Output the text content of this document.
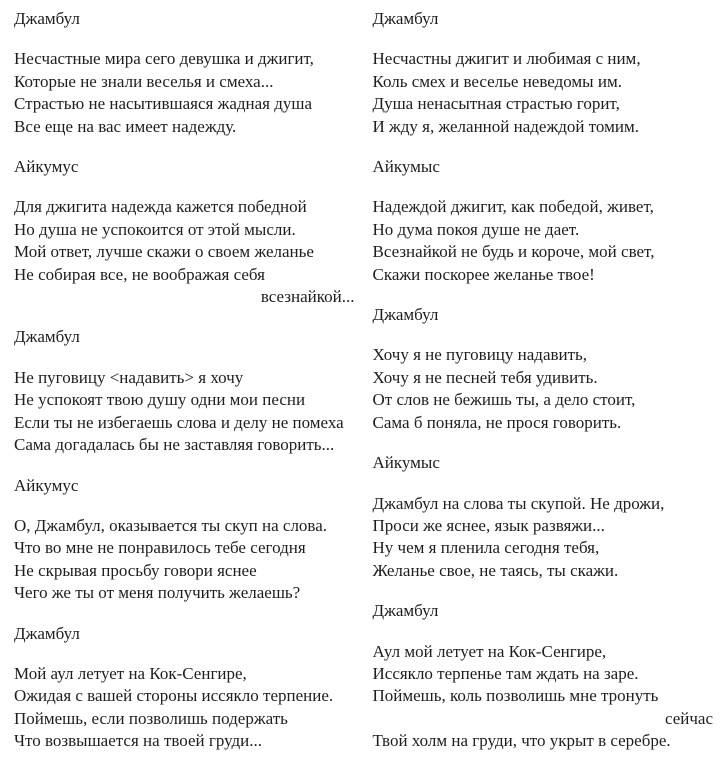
Джамбул

Несчастные мира сего девушка и джигит,
Которые не знали веселья и смеха...
Страстью не насытившаяся жадная душа
Все еще на вас имеет надежду.

Айкумус

Для джигита надежда кажется победной
Но душа не успокоится от этой мысли.
Мой ответ, лучше скажи о своем желанье
Не собирая все, не воображая себя
всезнайкой...

Джамбул

Не пуговицу <надавить> я хочу
Не успокоят твою душу одни мои песни
Если ты не избегаешь слова и делу не помеха
Сама догадалась бы не заставляя говорить...

Айкумус

О, Джамбул, оказывается ты скуп на слова.
Что во мне не понравилось тебе сегодня
Не скрывая просьбу говори яснее
Чего же ты от меня получить желаешь?

Джамбул

Мой аул летует на Кок-Сенгире,
Ожидая с вашей стороны иссякло терпение.
Поймешь, если позволишь подержать
Что возвышается на твоей груди...

Джамбул

Несчастны джигит и любимая с ним,
Коль смех и веселье неведомы им.
Душа ненасытная страстью горит,
И жду я, желанной надеждой томим.

Айкумыс

Надеждой джигит, как победой, живет,
Но дума покоя душе не дает.
Всезнайкой не будь и короче, мой свет,
Скажи поскорее желанье твое!

Джамбул

Хочу я не пуговицу надавить,
Хочу я не песней тебя удивить.
От слов не бежишь ты, а дело стоит,
Сама б поняла, не прося говорить.

Айкумыс

Джамбул на слова ты скупой. Не дрожи,
Проси же яснее, язык развяжи...
Ну чем я пленила сегодня тебя,
Желанье свое, не таясь, ты скажи.

Джамбул

Аул мой летует на Кок-Сенгире,
Иссякло терпенье там ждать на заре.
Поймешь, коль позволишь мне тронуть
сейчас
Твой холм на груди, что укрыт в серебре.
